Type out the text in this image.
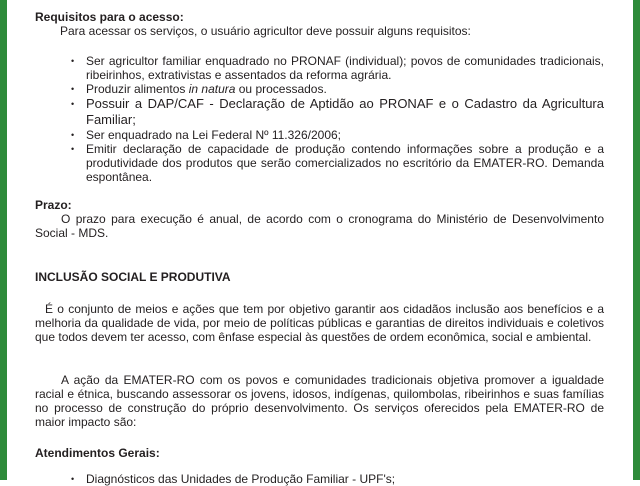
Requisitos para o acesso:
Para acessar os serviços, o usuário agricultor deve possuir alguns requisitos:
• Ser agricultor familiar enquadrado no PRONAF (individual); povos de comunidades tradicionais, ribeirinhos, extrativistas e assentados da reforma agrária.
• Produzir alimentos in natura ou processados.
• Possuir a DAP/CAF - Declaração de Aptidão ao PRONAF e o Cadastro da Agricultura Familiar;
• Ser enquadrado na Lei Federal Nº 11.326/2006;
• Emitir declaração de capacidade de produção contendo informações sobre a produção e a produtividade dos produtos que serão comercializados no escritório da EMATER-RO. Demanda espontânea.
Prazo:
O prazo para execução é anual, de acordo com o cronograma do Ministério de Desenvolvimento Social - MDS.
INCLUSÃO SOCIAL E PRODUTIVA
É o conjunto de meios e ações que tem por objetivo garantir aos cidadãos inclusão aos benefícios e a melhoria da qualidade de vida, por meio de políticas públicas e garantias de direitos individuais e coletivos que todos devem ter acesso, com ênfase especial às questões de ordem econômica, social e ambiental.
A ação da EMATER-RO com os povos e comunidades tradicionais objetiva promover a igualdade racial e étnica, buscando assessorar os jovens, idosos, indígenas, quilombolas, ribeirinhos e suas famílias no processo de construção do próprio desenvolvimento. Os serviços oferecidos pela EMATER-RO de maior impacto são:
Atendimentos Gerais:
• Diagnósticos das Unidades de Produção Familiar - UPF's;
